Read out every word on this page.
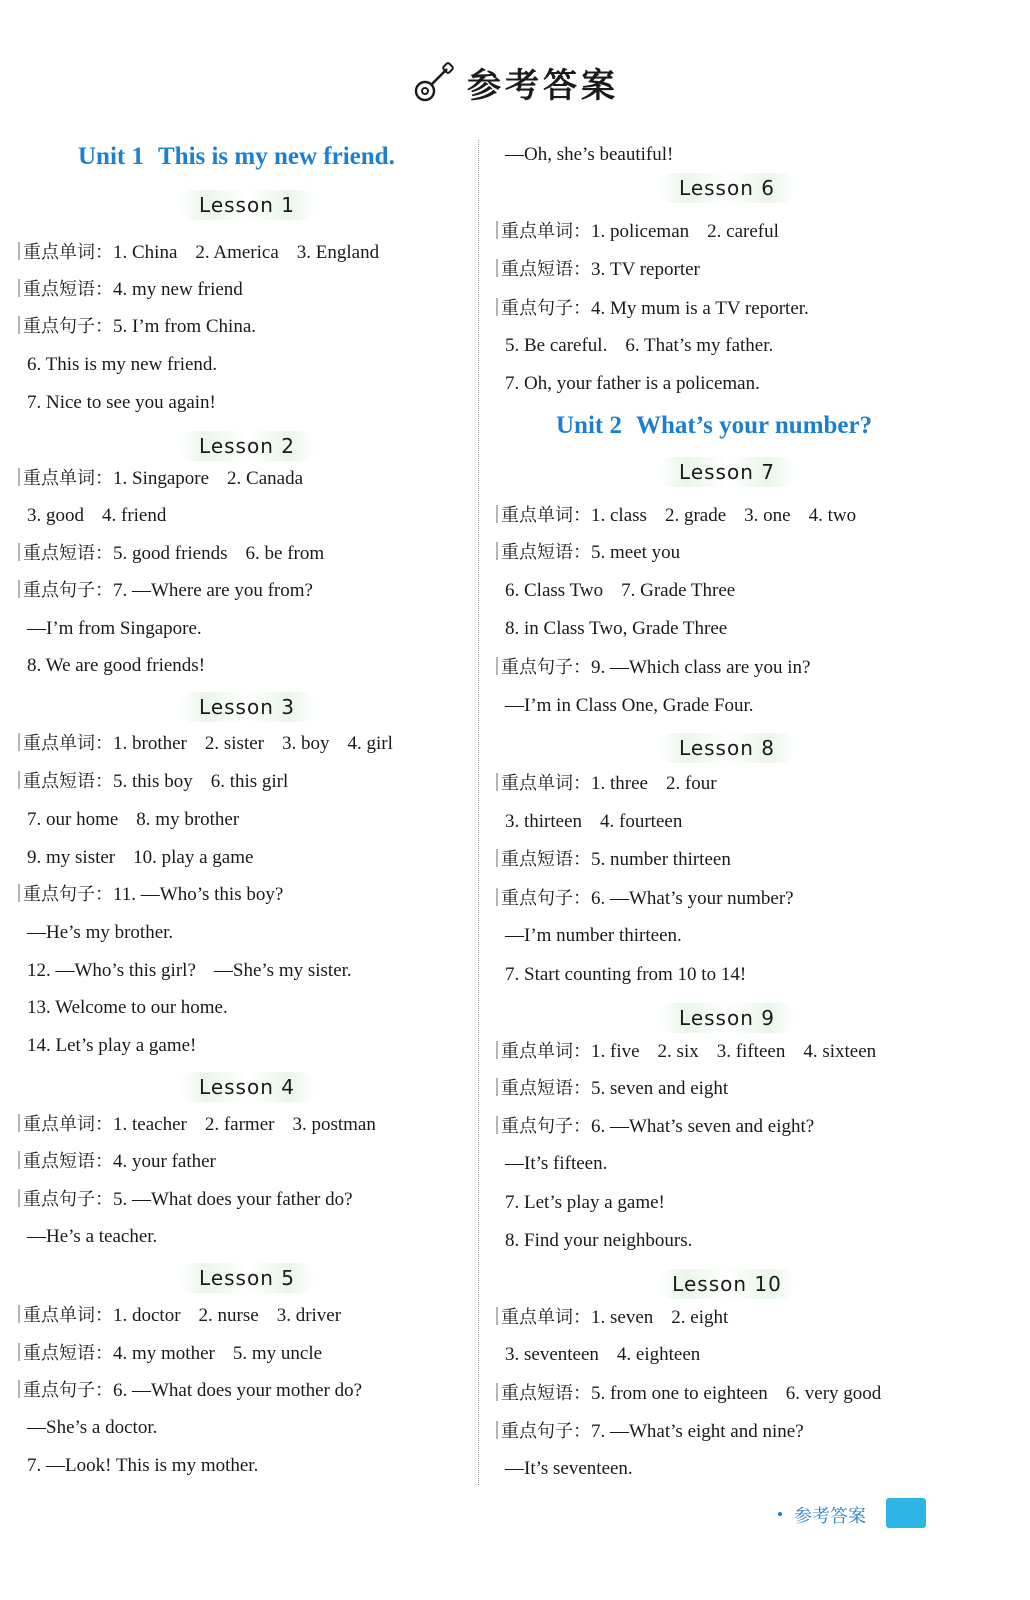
参考答案
Unit 1 This is my new friend.
Lesson 1
重点单词：1. China 2. America 3. England
重点短语：4. my new friend
重点句子：5. I’m from China.
6. This is my new friend.
7. Nice to see you again!
Lesson 2
重点单词：1. Singapore 2. Canada
3. good 4. friend
重点短语：5. good friends 6. be from
重点句子：7. —Where are you from?
—I’m from Singapore.
8. We are good friends!
Lesson 3
重点单词：1. brother 2. sister 3. boy 4. girl
重点短语：5. this boy 6. this girl
7. our home 8. my brother
9. my sister 10. play a game
重点句子：11. —Who’s this boy?
—He’s my brother.
12. —Who’s this girl? —She’s my sister.
13. Welcome to our home.
14. Let’s play a game!
Lesson 4
重点单词：1. teacher 2. farmer 3. postman
重点短语：4. your father
重点句子：5. —What does your father do?
—He’s a teacher.
Lesson 5
重点单词：1. doctor 2. nurse 3. driver
重点短语：4. my mother 5. my uncle
重点句子：6. —What does your mother do?
—She’s a doctor.
7. —Look! This is my mother.
—Oh, she’s beautiful!
Lesson 6
重点单词：1. policeman 2. careful
重点短语：3. TV reporter
重点句子：4. My mum is a TV reporter.
5. Be careful. 6. That’s my father.
7. Oh, your father is a policeman.
Unit 2 What’s your number?
Lesson 7
重点单词：1. class 2. grade 3. one 4. two
重点短语：5. meet you
6. Class Two 7. Grade Three
8. in Class Two, Grade Three
重点句子：9. —Which class are you in?
—I’m in Class One, Grade Four.
Lesson 8
重点单词：1. three 2. four
3. thirteen 4. fourteen
重点短语：5. number thirteen
重点句子：6. —What’s your number?
—I’m number thirteen.
7. Start counting from 10 to 14!
Lesson 9
重点单词：1. five 2. six 3. fifteen 4. sixteen
重点短语：5. seven and eight
重点句子：6. —What’s seven and eight?
—It’s fifteen.
7. Let’s play a game!
8. Find your neighbours.
Lesson 10
重点单词：1. seven 2. eight
3. seventeen 4. eighteen
重点短语：5. from one to eighteen 6. very good
重点句子：7. —What’s eight and nine?
—It’s seventeen.
参考答案
